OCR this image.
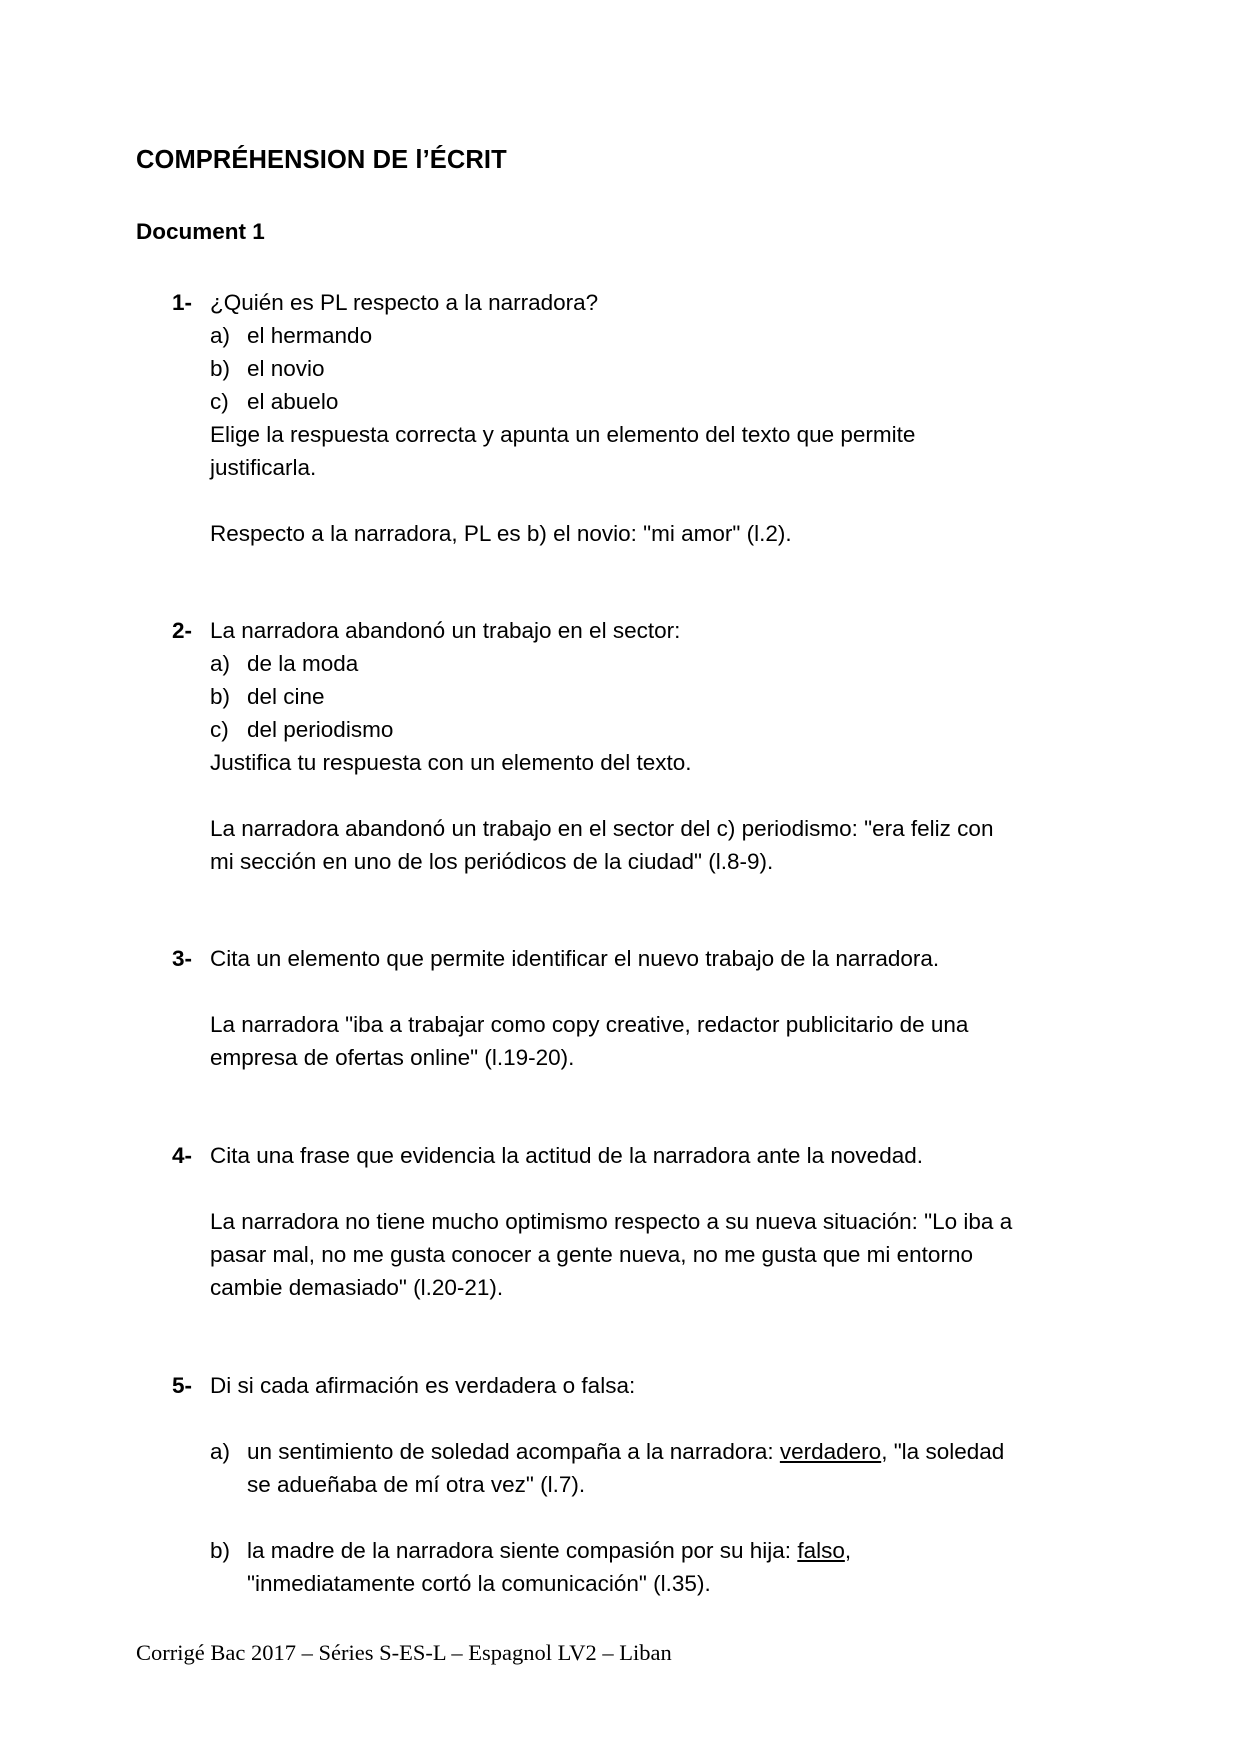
COMPRÉHENSION DE l’ÉCRIT
Document 1
1- ¿Quién es PL respecto a la narradora?
a) el hermando
b) el novio
c) el abuelo
Elige la respuesta correcta y apunta un elemento del texto que permite
justificarla.
Respecto a la narradora, PL es b) el novio: "mi amor" (l.2).
2- La narradora abandonó un trabajo en el sector:
a) de la moda
b) del cine
c) del periodismo
Justifica tu respuesta con un elemento del texto.
La narradora abandonó un trabajo en el sector del c) periodismo: "era feliz con
mi sección en uno de los periódicos de la ciudad" (l.8-9).
3- Cita un elemento que permite identificar el nuevo trabajo de la narradora.
La narradora "iba a trabajar como copy creative, redactor publicitario de una
empresa de ofertas online" (l.19-20).
4- Cita una frase que evidencia la actitud de la narradora ante la novedad.
La narradora no tiene mucho optimismo respecto a su nueva situación: "Lo iba a
pasar mal, no me gusta conocer a gente nueva, no me gusta que mi entorno
cambie demasiado" (l.20-21).
5- Di si cada afirmación es verdadera o falsa:
a) un sentimiento de soledad acompaña a la narradora: verdadero, "la soledad
se adueñaba de mí otra vez" (l.7).
b) la madre de la narradora siente compasión por su hija: falso,
"inmediatamente cortó la comunicación" (l.35).
Corrigé Bac 2017 – Séries S-ES-L – Espagnol LV2 – Liban
